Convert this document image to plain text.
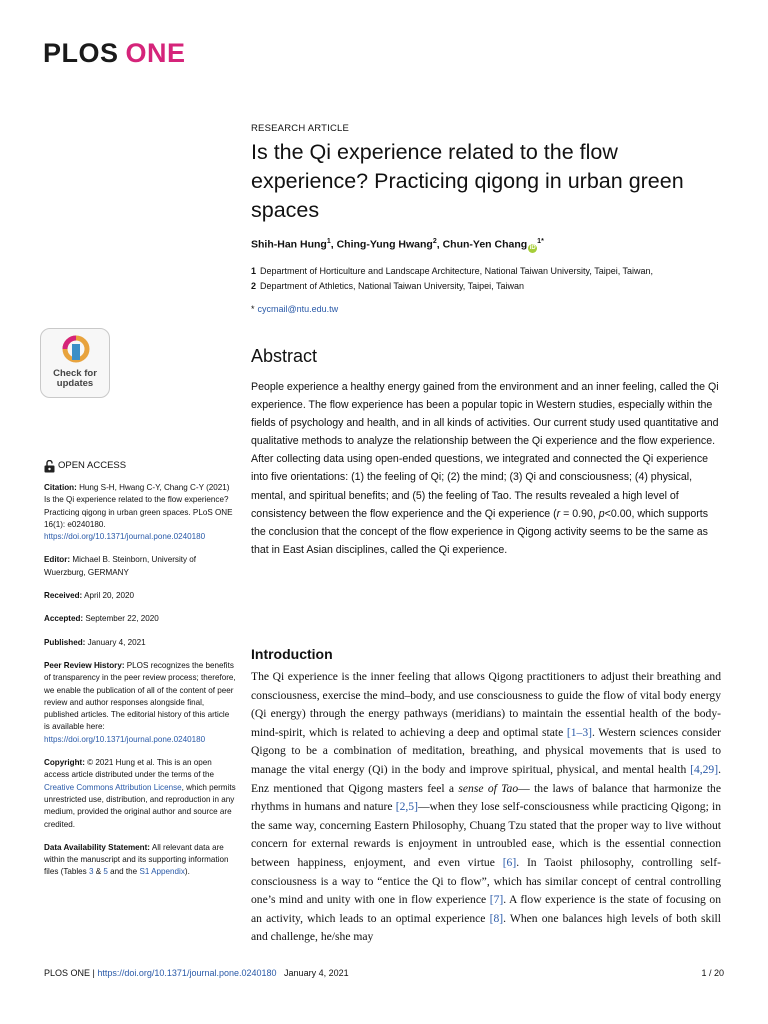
PLOS ONE
RESEARCH ARTICLE
Is the Qi experience related to the flow experience? Practicing qigong in urban green spaces
Shih-Han Hung$^1$, Ching-Yung Hwang$^2$, Chun-Yen Chang $iD^{1*}$
1 Department of Horticulture and Landscape Architecture, National Taiwan University, Taipei, Taiwan,
2 Department of Athletics, National Taiwan University, Taipei, Taiwan
* cycmail@ntu.edu.tw
Check for
updates
Abstract

People experience a healthy energy gained from the environment and an inner feeling, called the Qi experience. The flow experience has been a popular topic in Western studies, especially within the fields of psychology and health, and in all kinds of activities. Our current study used quantitative and qualitative methods to analyze the relationship between the Qi experience and the flow experience. After collecting data using open-ended questions, we integrated and connected the Qi experience into five orientations: (1) the feeling of Qi; (2) the mind; (3) Qi and consciousness; (4) physical, mental, and spiritual benefits; and (5) the feeling of Tao. The results revealed a high level of consistency between the flow experience and the Qi experience (r = 0.90, p<0.00, which supports the conclusion that the concept of the flow experience in Qigong activity seems to be the same as that in East Asian disciplines, called the Qi experience.

Introduction

The Qi experience is the inner feeling that allows Qigong practitioners to adjust their breathing and consciousness, exercise the mind–body, and use consciousness to guide the flow of vital body energy (Qi energy) through the energy pathways (meridians) to maintain the essential health of the body-mind-spirit, which is related to achieving a deep and optimal state [1–3]. Western sciences consider Qigong to be a combination of meditation, breathing, and physical movements that is used to manage the vital energy (Qi) in the body and improve spiritual, physical, and mental health [4,29]. Enz mentioned that Qigong masters feel a sense of Tao— the laws of balance that harmonize the rhythms in humans and nature [2,5]—when they lose self-consciousness while practicing Qigong; in the same way, concerning Eastern Philosophy, Chuang Tzu stated that the proper way to live without concern for external rewards is enjoyment in untroubled ease, which is the essential connection between happiness, enjoyment, and even virtue [6]. In Taoist philosophy, controlling self-consciousness is a way to “entice the Qi to flow”, which has similar concept of central controlling one’s mind and unity with one in flow experience [7]. A flow experience is the state of focusing on an activity, which leads to an optimal experience [8]. When one balances high levels of both skill and challenge, he/she may

OPEN ACCESS
Citation: Hung S-H, Hwang C-Y, Chang C-Y (2021) Is the Qi experience related to the flow experience? Practicing qigong in urban green spaces. PLoS ONE 16(1): e0240180. https://doi.org/10.1371/journal.pone.0240180
Editor: Michael B. Steinborn, University of Wuerzburg, GERMANY
Received: April 20, 2020
Accepted: September 22, 2020
Published: January 4, 2021
Peer Review History: PLOS recognizes the benefits of transparency in the peer review process; therefore, we enable the publication of all of the content of peer review and author responses alongside final, published articles. The editorial history of this article is available here: https://doi.org/10.1371/journal.pone.0240180
Copyright: © 2021 Hung et al. This is an open access article distributed under the terms of the Creative Commons Attribution License, which permits unrestricted use, distribution, and reproduction in any medium, provided the original author and source are credited.
Data Availability Statement: All relevant data are within the manuscript and its supporting information files (Tables 3 & 5 and the S1 Appendix).
PLOS ONE | https://doi.org/10.1371/journal.pone.0240180 January 4, 2021	1 / 20
